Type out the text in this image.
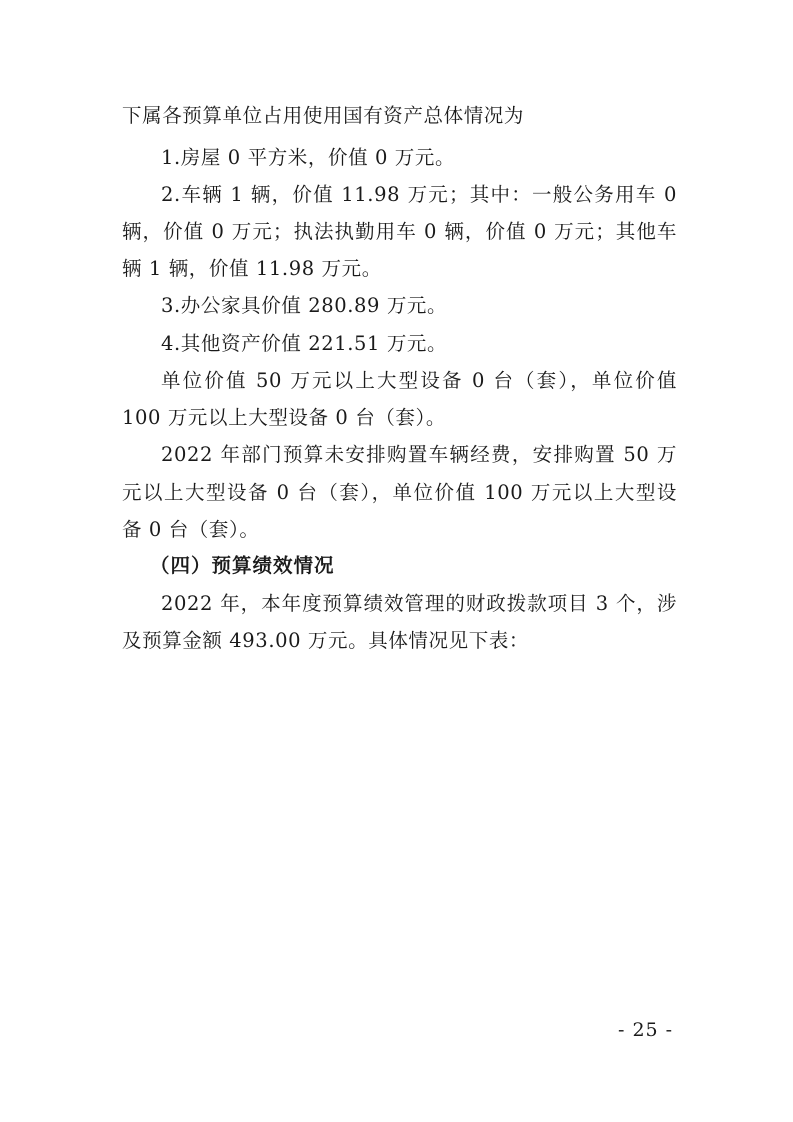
下属各预算单位占用使用国有资产总体情况为
1.房屋 0 平方米，价值 0 万元。
2.车辆 1 辆，价值 11.98 万元；其中：一般公务用车 0
辆，价值 0 万元；执法执勤用车 0 辆，价值 0 万元；其他车
辆 1 辆，价值 11.98 万元。
3.办公家具价值 280.89 万元。
4.其他资产价值 221.51 万元。
单位价值 50 万元以上大型设备 0 台（套），单位价值
100 万元以上大型设备 0 台（套）。
2022 年部门预算未安排购置车辆经费，安排购置 50 万
元以上大型设备 0 台（套），单位价值 100 万元以上大型设
备 0 台（套）。
（四）预算绩效情况
2022 年，本年度预算绩效管理的财政拨款项目 3 个，涉
及预算金额 493.00 万元。具体情况见下表：
- 25 -
